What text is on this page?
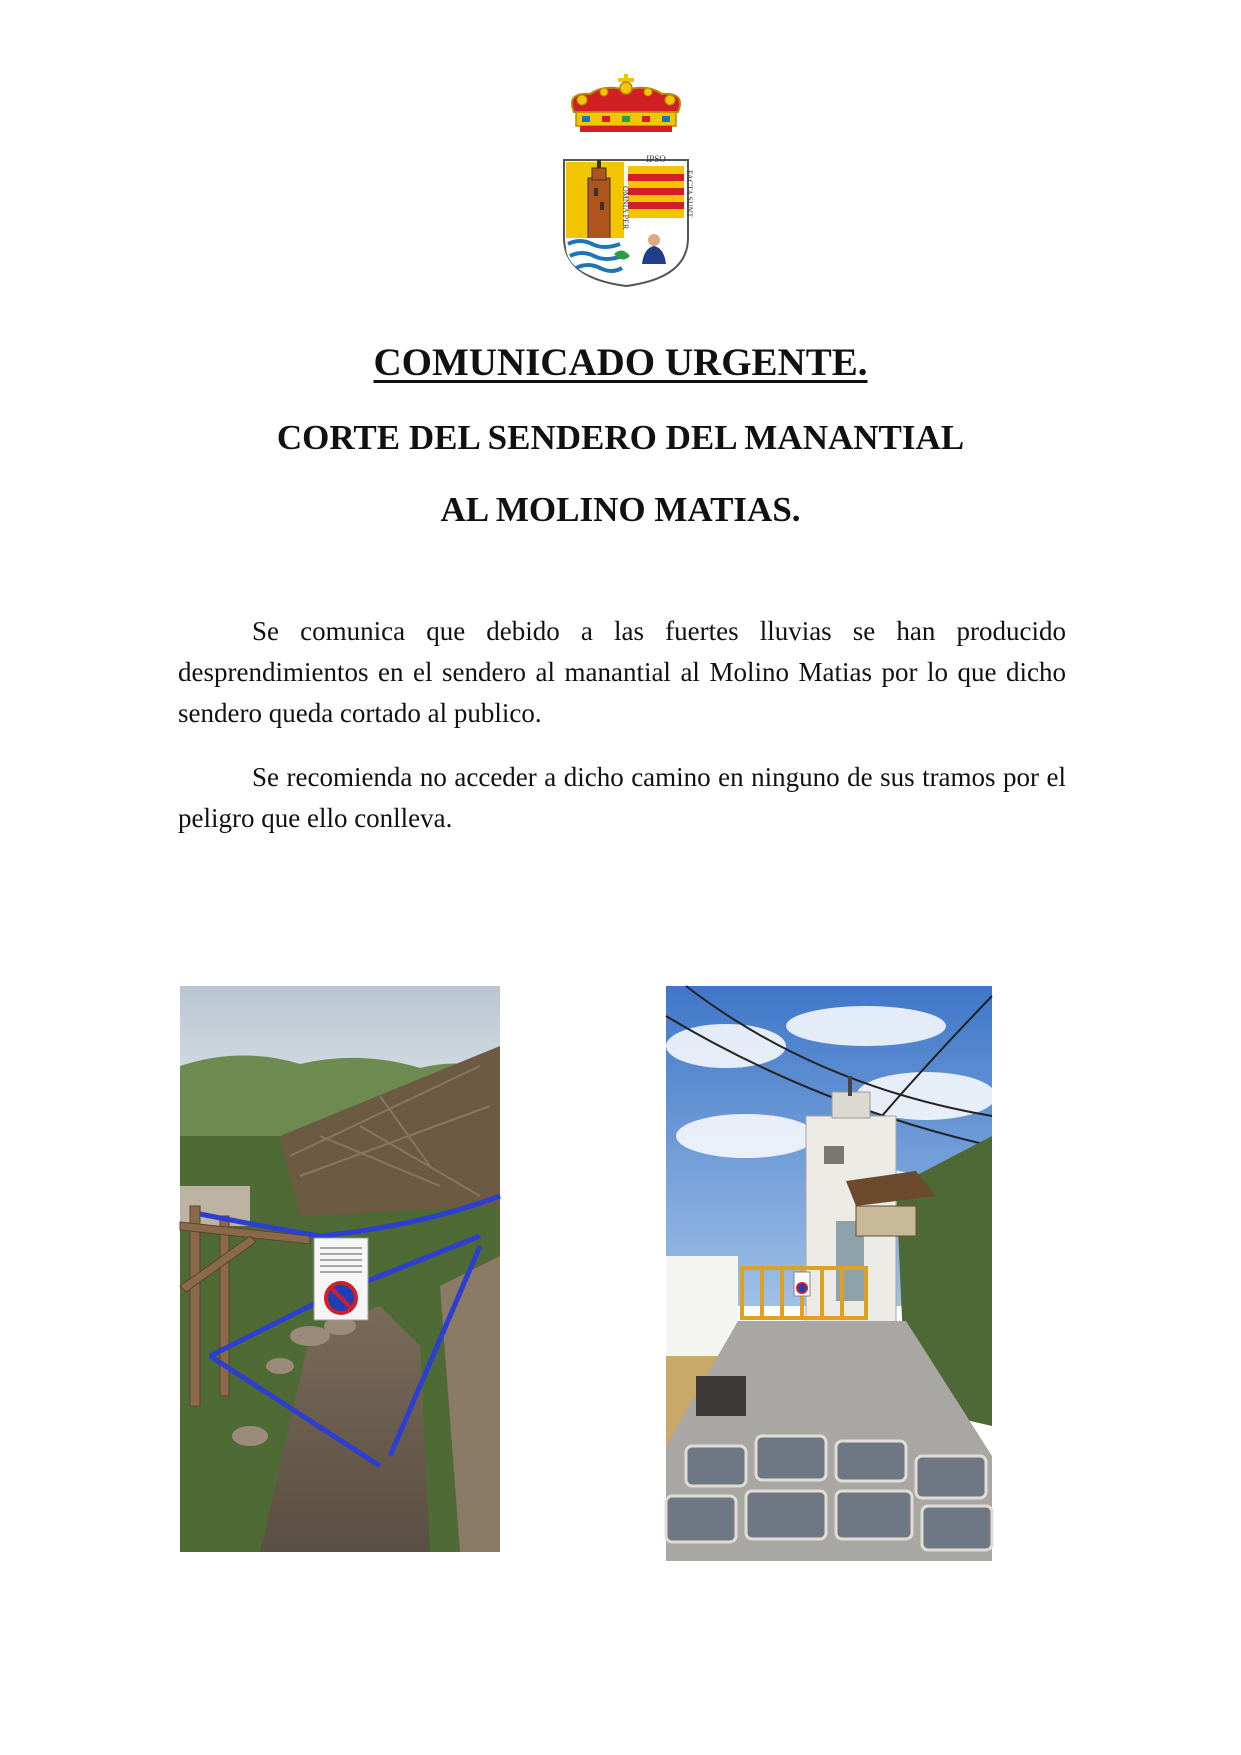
IPSO
OMNIA PER	FACTA SUNT
COMUNICADO URGENTE.
CORTE DEL SENDERO DEL MANANTIAL
AL MOLINO MATIAS.

Se comunica que debido a las fuertes lluvias se han producido desprendimientos en el sendero al manantial al Molino Matias por lo que dicho sendero queda cortado al publico.

Se recomienda no acceder a dicho camino en ninguno de sus tramos por el peligro que ello conlleva.
